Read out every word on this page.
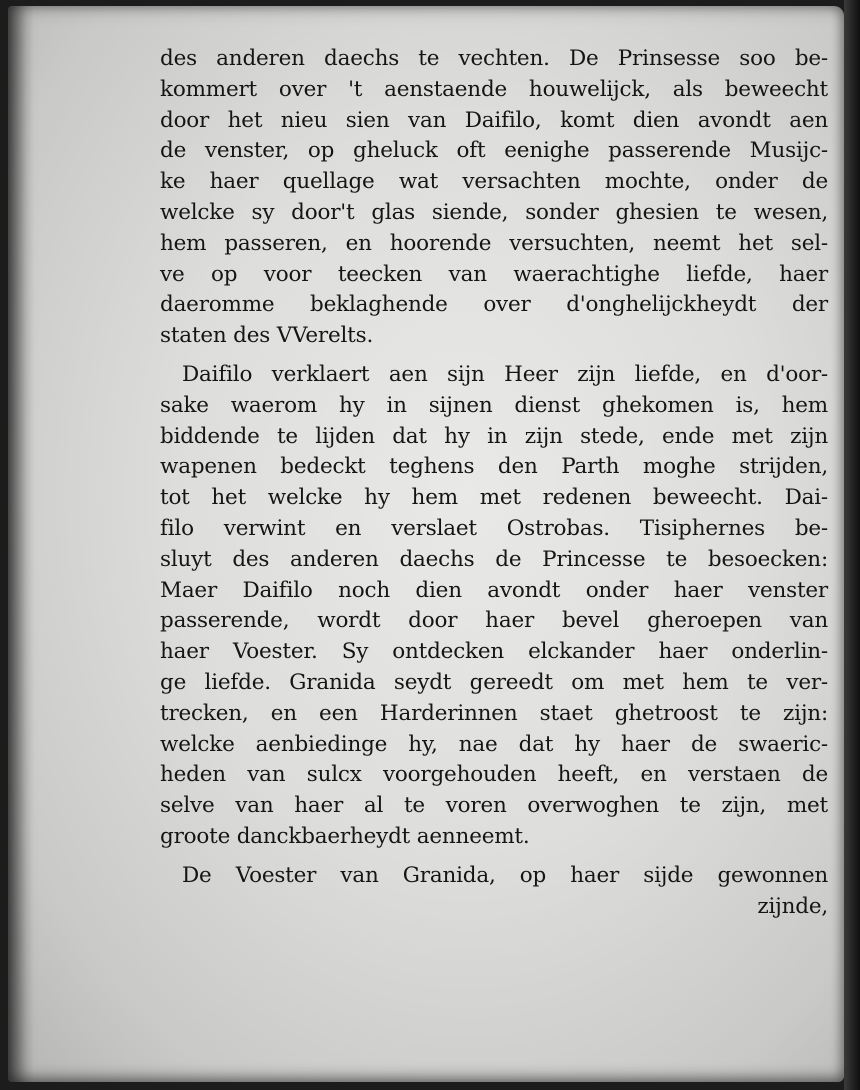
des anderen daechs te vechten. De Prinsesse soo be-
kommert over 't aenstaende houwelijck, als beweecht
door het nieu sien van Daifilo, komt dien avondt aen
de venster, op gheluck oft eenighe passerende Musijc-
ke haer quellage wat versachten mochte, onder de
welcke sy door't glas siende, sonder ghesien te wesen,
hem passeren, en hoorende versuchten, neemt het sel-
ve op voor teecken van waerachtighe liefde, haer
daeromme beklaghende over d'onghelijckheydt der
staten des VVerelts.
Daifilo verklaert aen sijn Heer zijn liefde, en d'oor-
sake waerom hy in sijnen dienst ghekomen is, hem
biddende te lijden dat hy in zijn stede, ende met zijn
wapenen bedeckt teghens den Parth moghe strijden,
tot het welcke hy hem met redenen beweecht. Dai-
filo verwint en verslaet Ostrobas. Tisiphernes be-
sluyt des anderen daechs de Princesse te besoecken:
Maer Daifilo noch dien avondt onder haer venster
passerende, wordt door haer bevel gheroepen van
haer Voester. Sy ontdecken elckander haer onderlin-
ge liefde. Granida seydt gereedt om met hem te ver-
trecken, en een Harderinnen staet ghetroost te zijn:
welcke aenbiedinge hy, nae dat hy haer de swaeric-
heden van sulcx voorgehouden heeft, en verstaen de
selve van haer al te voren overwoghen te zijn, met
groote danckbaerheydt aenneemt.
De Voester van Granida, op haer sijde gewonnen
zijnde,
